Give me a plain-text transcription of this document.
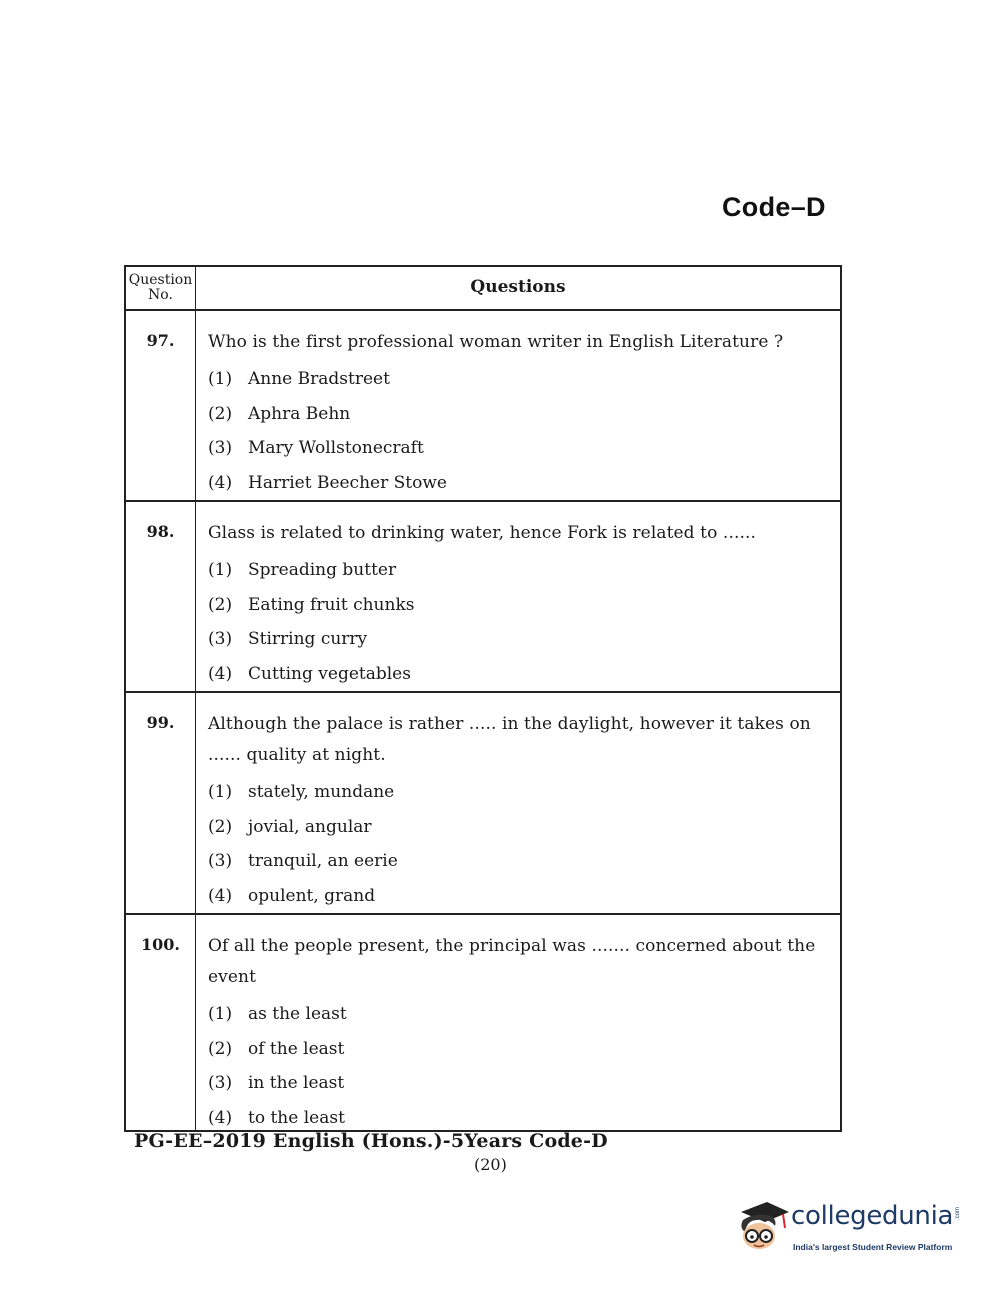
Code–D
Question
No.	Questions
97.	Who is the first professional woman writer in English Literature ?
(1) Anne Bradstreet
(2) Aphra Behn
(3) Mary Wollstonecraft
(4) Harriet Beecher Stowe
98.	Glass is related to drinking water, hence Fork is related to ......
(1) Spreading butter
(2) Eating fruit chunks
(3) Stirring curry
(4) Cutting vegetables
99.	Although the palace is rather ..... in the daylight, however it takes on ...... quality at night.
(1) stately, mundane
(2) jovial, angular
(3) tranquil, an eerie
(4) opulent, grand
100.	Of all the people present, the principal was ....... concerned about the event
(1) as the least
(2) of the least
(3) in the least
(4) to the least
PG-EE–2019 English (Hons.)-5Years Code-D
(20)
collegedunia .com
India's largest Student Review Platform
